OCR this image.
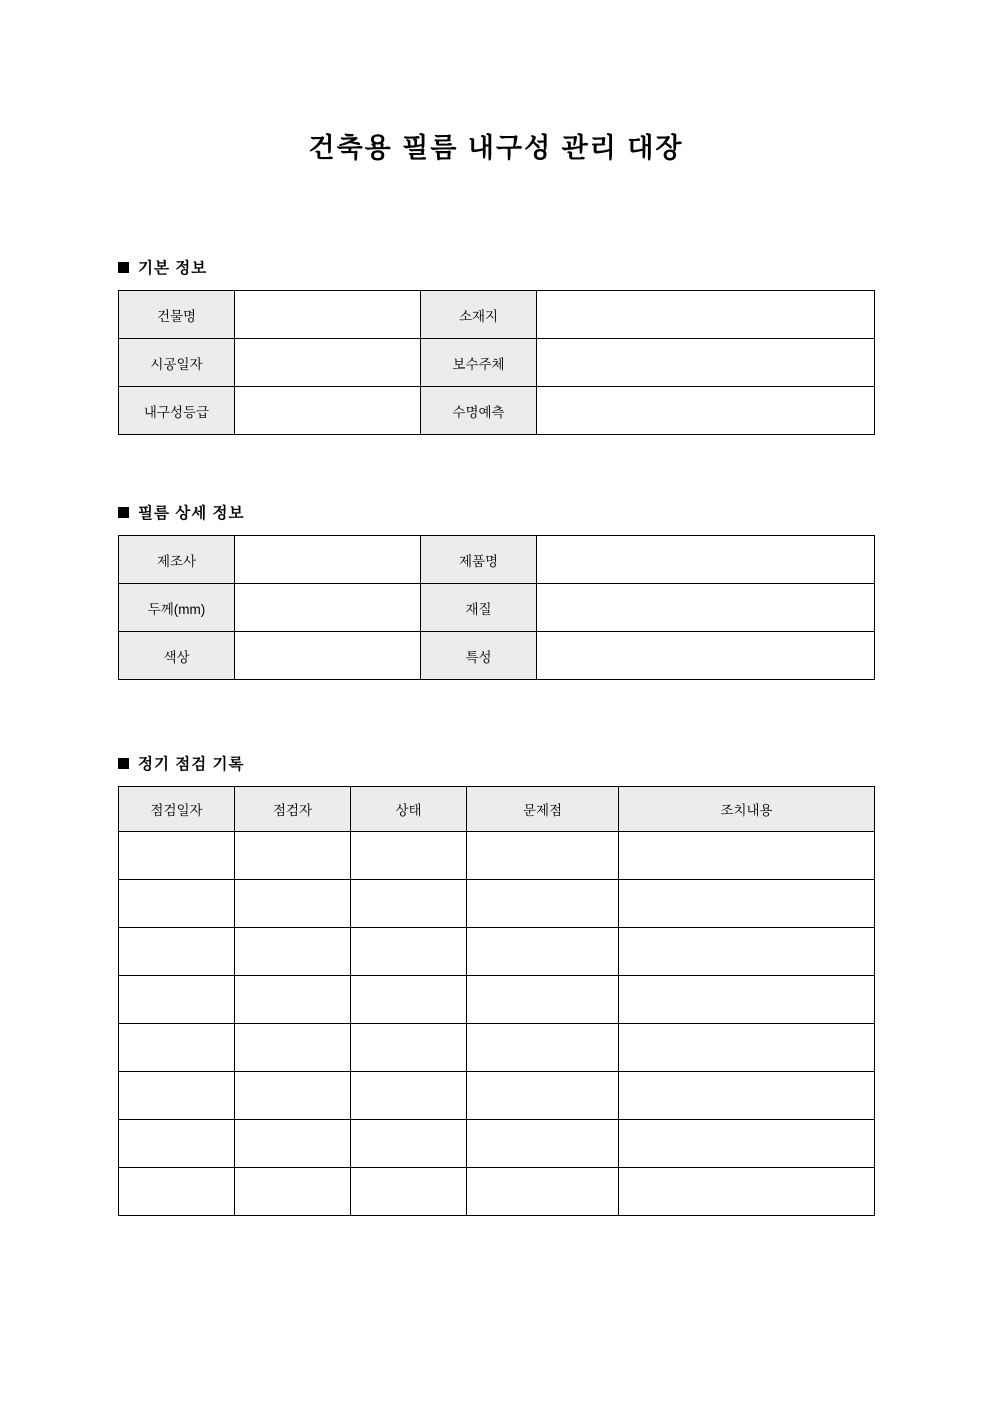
건축용 필름 내구성 관리 대장
기본 정보
건물명		소재지	
시공일자		보수주체	
내구성등급		수명예측	
필름 상세 정보
제조사		제품명	
두께(mm)		재질	
색상		특성	
정기 점검 기록
점검일자	점검자	상태	문제점	조치내용
